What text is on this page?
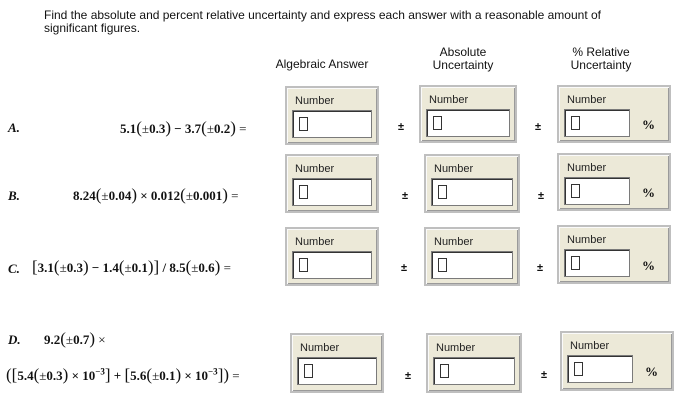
Find the absolute and percent relative uncertainty and express each answer with a reasonable amount of significant figures.
Algebraic Answer
Absolute
Uncertainty
% Relative
Uncertainty
A.	5.1(±0.3) − 3.7(±0.2) =
Number
±
Number
±
Number
%
B.	8.24(±0.04) × 0.012(±0.001) =
Number
±
Number
±
Number
%
C. [3.1(±0.3) − 1.4(±0.1)] / 8.5(±0.6) =
Number
±
Number
±
Number
%
D. 9.2(±0.7) ×
$([5.4(\pm 0.3) \times 10^{-3}] + [5.6(\pm 0.1) \times 10^{-3}])$ =
Number
±
Number
±
Number
%
